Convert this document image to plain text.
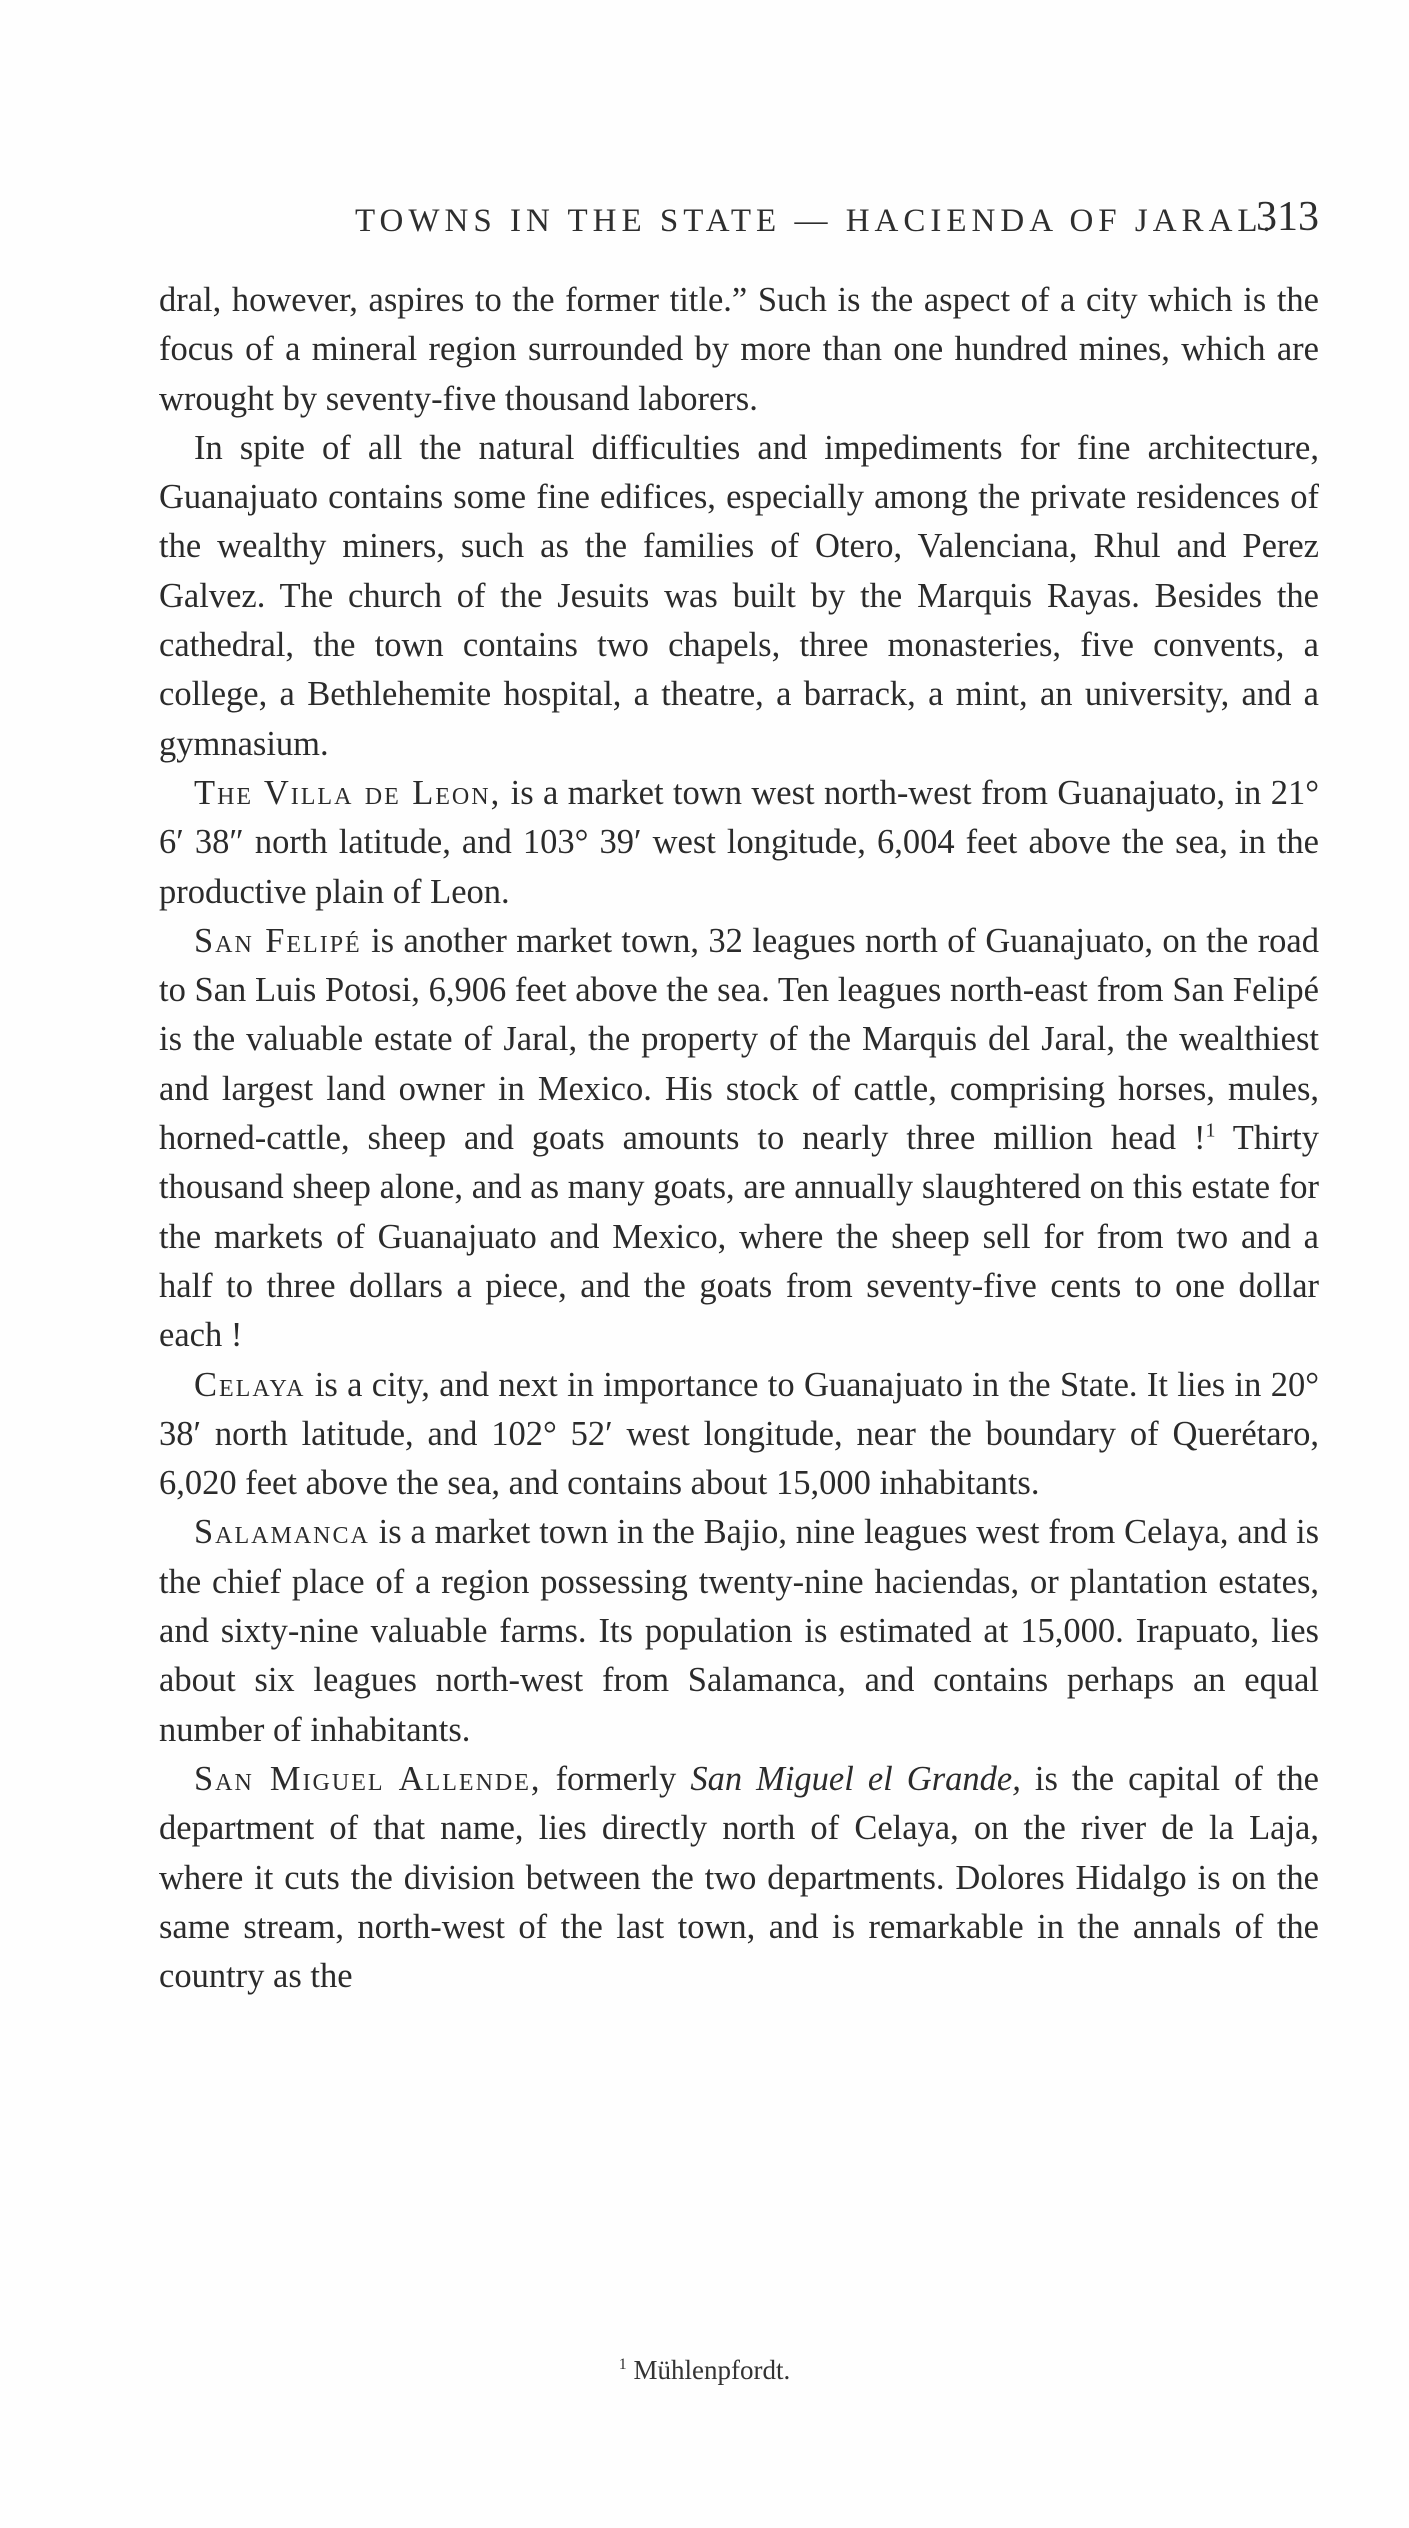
TOWNS IN THE STATE — HACIENDA OF JARAL.
313

dral, however, aspires to the former title.” Such is the aspect of a city which is the focus of a mineral region surrounded by more than one hundred mines, which are wrought by seventy-five thousand laborers.

In spite of all the natural difficulties and impediments for fine architecture, Guanajuato contains some fine edifices, especially among the private residences of the wealthy miners, such as the families of Otero, Valenciana, Rhul and Perez Galvez. The church of the Jesuits was built by the Marquis Rayas. Besides the cathedral, the town contains two chapels, three monasteries, five convents, a college, a Bethlehemite hospital, a theatre, a barrack, a mint, an university, and a gymnasium.

The Villa de Leon, is a market town west north-west from Guanajuato, in 21° 6′ 38″ north latitude, and 103° 39′ west longitude, 6,004 feet above the sea, in the productive plain of Leon.

San Felipé is another market town, 32 leagues north of Guanajuato, on the road to San Luis Potosi, 6,906 feet above the sea. Ten leagues north-east from San Felipé is the valuable estate of Jaral, the property of the Marquis del Jaral, the wealthiest and largest land owner in Mexico. His stock of cattle, comprising horses, mules, horned-cattle, sheep and goats amounts to nearly three million head !$^1$ Thirty thousand sheep alone, and as many goats, are annually slaughtered on this estate for the markets of Guanajuato and Mexico, where the sheep sell for from two and a half to three dollars a piece, and the goats from seventy-five cents to one dollar each !

Celaya is a city, and next in importance to Guanajuato in the State. It lies in 20° 38′ north latitude, and 102° 52′ west longitude, near the boundary of Querétaro, 6,020 feet above the sea, and contains about 15,000 inhabitants.

Salamanca is a market town in the Bajio, nine leagues west from Celaya, and is the chief place of a region possessing twenty-nine haciendas, or plantation estates, and sixty-nine valuable farms. Its population is estimated at 15,000. Irapuato, lies about six leagues north-west from Salamanca, and contains perhaps an equal number of inhabitants.

San Miguel Allende, formerly San Miguel el Grande, is the capital of the department of that name, lies directly north of Celaya, on the river de la Laja, where it cuts the division between the two departments. Dolores Hidalgo is on the same stream, north-west of the last town, and is remarkable in the annals of the country as the

$^1$ Mühlenpfordt.
